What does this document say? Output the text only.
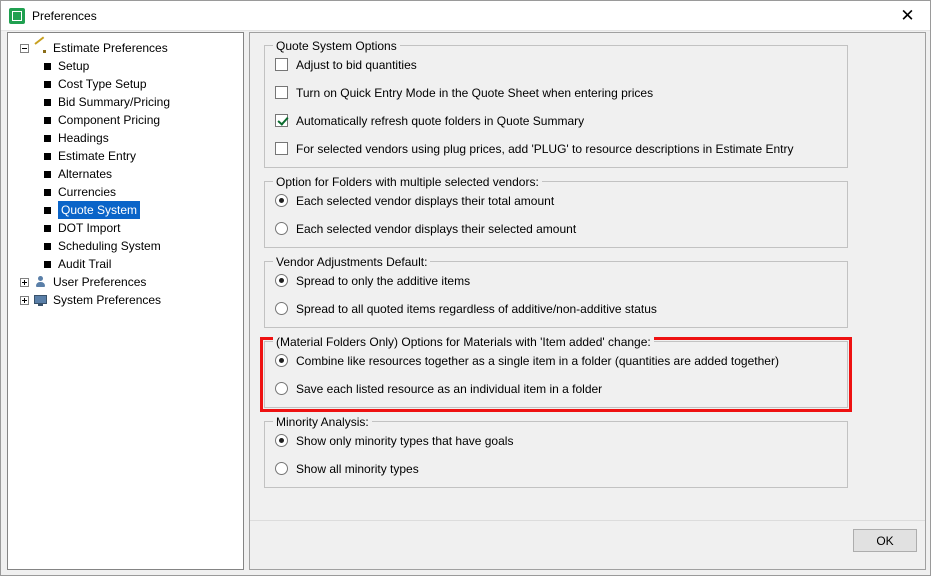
Preferences	✕
Estimate Preferences
Setup
Cost Type Setup
Bid Summary/Pricing
Component Pricing
Headings
Estimate Entry
Alternates
Currencies
Quote System
DOT Import
Scheduling System
Audit Trail
User Preferences
System Preferences
Quote System Options
Adjust to bid quantities
Turn on Quick Entry Mode in the Quote Sheet when entering prices
Automatically refresh quote folders in Quote Summary
For selected vendors using plug prices, add 'PLUG' to resource descriptions in Estimate Entry
Option for Folders with multiple selected vendors:
Each selected vendor displays their total amount
Each selected vendor displays their selected amount
Vendor Adjustments Default:
Spread to only the additive items
Spread to all quoted items regardless of additive/non-additive status
(Material Folders Only) Options for Materials with 'Item added' change:
Combine like resources together as a single item in a folder (quantities are added together)
Save each listed resource as an individual item in a folder
Minority Analysis:
Show only minority types that have goals
Show all minority types
OK
